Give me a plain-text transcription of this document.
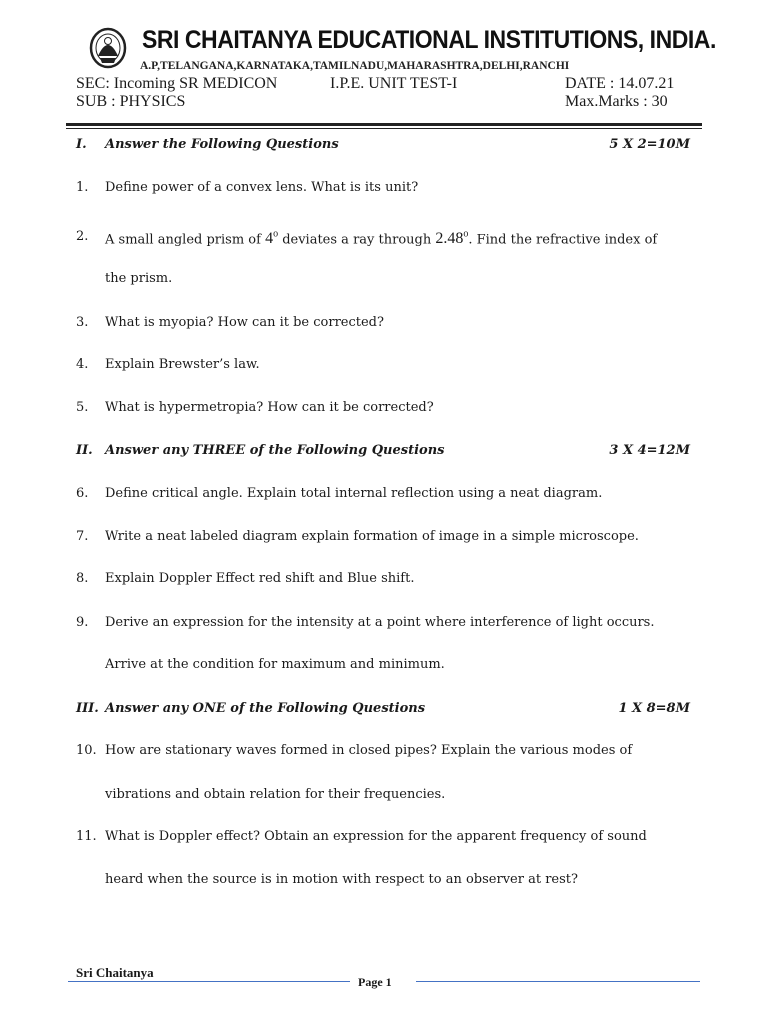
SRI CHAITANYA EDUCATIONAL INSTITUTIONS, INDIA.
A.P,TELANGANA,KARNATAKA,TAMILNADU,MAHARASHTRA,DELHI,RANCHI
SEC: Incoming SR MEDICON	I.P.E. UNIT TEST-I	DATE : 14.07.21
SUB : PHYSICS	Max.Marks : 30
I. Answer the Following Questions	5 X 2=10M
1. Define power of a convex lens. What is its unit?
2. A small angled prism of 4$^o$ deviates a ray through 2.48$^o$. Find the refractive index of
the prism.
3. What is myopia? How can it be corrected?
4. Explain Brewster’s law.
5. What is hypermetropia? How can it be corrected?
II. Answer any THREE of the Following Questions	3 X 4=12M
6. Define critical angle. Explain total internal reflection using a neat diagram.
7. Write a neat labeled diagram explain formation of image in a simple microscope.
8. Explain Doppler Effect red shift and Blue shift.
9. Derive an expression for the intensity at a point where interference of light occurs.
Arrive at the condition for maximum and minimum.
III. Answer any ONE of the Following Questions	1 X 8=8M
10. How are stationary waves formed in closed pipes? Explain the various modes of
vibrations and obtain relation for their frequencies.
11. What is Doppler effect? Obtain an expression for the apparent frequency of sound
heard when the source is in motion with respect to an observer at rest?
Sri Chaitanya
Page 1
